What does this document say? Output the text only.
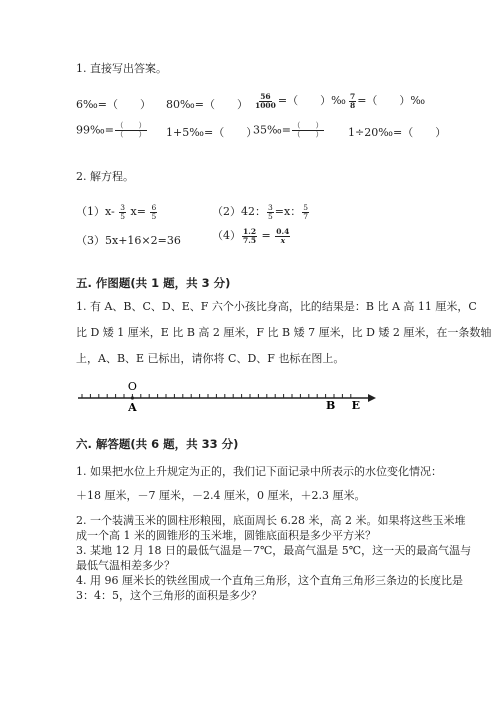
1. 直接写出答案。
6‰=（　　） 80‰=（　　） $\frac{56}{1000}$ =（　　）‰ $\frac{7}{8}$ =（　　）‰
99‰= $\frac{( )}{( )}$ 1+5‰=（　　）
35‰= $\frac{( )}{( )}$ 1÷20‰=（　　）
2. 解方程。
$(1)x- \frac{3}{5} x= \frac{6}{5}$	（2）42： $\frac{3}{5} =x$： $\frac{5}{7}$
（3）5x+16×2=36	$(4) \frac{1.2}{7.5} = \frac{0.4}{x}$
五. 作图题(共 1 题，共 3 分)
1. 有 A、B、C、D、E、F 六个小孩比身高，比的结果是：B 比 A 高 11 厘米，C
比 D 矮 1 厘米，E 比 B 高 2 厘米，F 比 B 矮 7 厘米，比 D 矮 2 厘米，在一条数轴
上，A、B、E 已标出，请你将 C、D、F 也标在图上。
O
A	B E
六. 解答题(共 6 题，共 33 分)
1. 如果把水位上升规定为正的，我们记下面记录中所表示的水位变化情况：
＋18 厘米，－7 厘米，－2.4 厘米，0 厘米，＋2.3 厘米。
2. 一个装满玉米的圆柱形粮囤，底面周长 6.28 米，高 2 米。如果将这些玉米堆
成一个高 1 米的圆锥形的玉米堆，圆锥底面积是多少平方米？
3. 某地 12 月 18 日的最低气温是－7℃，最高气温是 5℃，这一天的最高气温与
最低气温相差多少？
4. 用 96 厘米长的铁丝围成一个直角三角形，这个直角三角形三条边的长度比是
3：4：5，这个三角形的面积是多少？
